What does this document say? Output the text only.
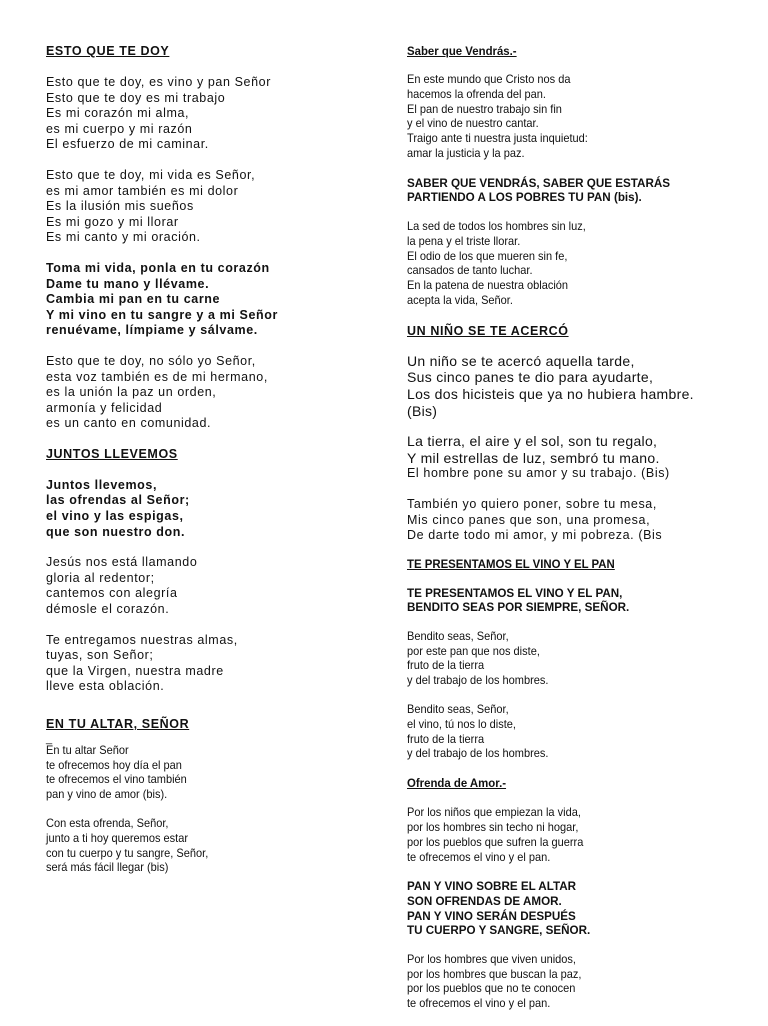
ESTO QUE TE DOY
Esto que te doy, es vino y pan Señor
Esto que te doy es mi trabajo
Es mi corazón mi alma,
es mi cuerpo y mi razón
El esfuerzo de mi caminar.
Esto que te doy, mi vida es Señor,
es mi amor también es mi dolor
Es la ilusión mis sueños
Es mi gozo y mi llorar
Es mi canto y mi oración.
Toma mi vida, ponla en tu corazón
Dame tu mano y llévame.
Cambia mi pan en tu carne
Y mi vino en tu sangre y a mi Señor
renuévame, límpiame y sálvame.
Esto que te doy, no sólo yo Señor,
esta voz también es de mi hermano,
es la unión la paz un orden,
armonía y felicidad
es un canto en comunidad.
JUNTOS LLEVEMOS
Juntos llevemos,
las ofrendas al Señor;
el vino y las espigas,
que son nuestro don.
Jesús nos está llamando
gloria al redentor;
cantemos con alegría
démosle el corazón.
Te entregamos nuestras almas,
tuyas, son Señor;
que la Virgen, nuestra madre
lleve esta oblación.
EN TU ALTAR, SEÑOR
_
En tu altar Señor
te ofrecemos hoy día el pan
te ofrecemos el vino también
pan y vino de amor (bis).
Con esta ofrenda, Señor,
junto a ti hoy queremos estar
con tu cuerpo y tu sangre, Señor,
será más fácil llegar (bis)
Saber que Vendrás.-
En este mundo que Cristo nos da
hacemos la ofrenda del pan.
El pan de nuestro trabajo sin fin
y el vino de nuestro cantar.
Traigo ante ti nuestra justa inquietud:
amar la justicia y la paz.
SABER QUE VENDRÁS, SABER QUE ESTARÁS
PARTIENDO A LOS POBRES TU PAN (bis).
La sed de todos los hombres sin luz,
la pena y el triste llorar.
El odio de los que mueren sin fe,
cansados de tanto luchar.
En la patena de nuestra oblación
acepta la vida, Señor.
UN NIÑO SE TE ACERCÓ
Un niño se te acercó aquella tarde,
Sus cinco panes te dio para ayudarte,
Los dos hicisteis que ya no hubiera hambre.
(Bis)
La tierra, el aire y el sol, son tu regalo,
Y mil estrellas de luz, sembró tu mano.
El hombre pone su amor y su trabajo. (Bis)
También yo quiero poner, sobre tu mesa,
Mis cinco panes que son, una promesa,
De darte todo mi amor, y mi pobreza. (Bis
TE PRESENTAMOS EL VINO Y EL PAN
TE PRESENTAMOS EL VINO Y EL PAN,
BENDITO SEAS POR SIEMPRE, SEÑOR.
Bendito seas, Señor,
por este pan que nos diste,
fruto de la tierra
y del trabajo de los hombres.
Bendito seas, Señor,
el vino, tú nos lo diste,
fruto de la tierra
y del trabajo de los hombres.
Ofrenda de Amor.-
Por los niños que empiezan la vida,
por los hombres sin techo ni hogar,
por los pueblos que sufren la guerra
te ofrecemos el vino y el pan.
PAN Y VINO SOBRE EL ALTAR
SON OFRENDAS DE AMOR.
PAN Y VINO SERÁN DESPUÉS
TU CUERPO Y SANGRE, SEÑOR.
Por los hombres que viven unidos,
por los hombres que buscan la paz,
por los pueblos que no te conocen
te ofrecemos el vino y el pan.
